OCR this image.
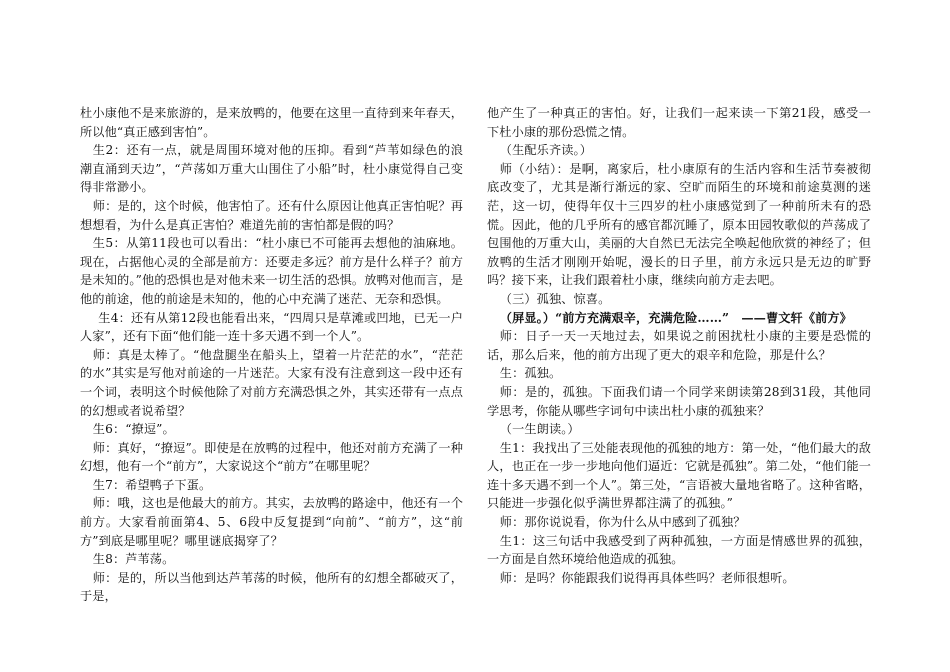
杜小康他不是来旅游的，是来放鸭的，他要在这里一直待到来年春天，所以他“真正感到害怕”。

生2：还有一点，就是周围环境对他的压抑。看到“芦苇如绿色的浪潮直涌到天边”，“芦荡如万重大山围住了小船”时，杜小康觉得自己变得非常渺小。

师：是的，这个时候，他害怕了。还有什么原因让他真正害怕呢？再想想看，为什么是真正害怕？难道先前的害怕都是假的吗？

生5：从第11段也可以看出：“杜小康已不可能再去想他的油麻地。现在，占据他心灵的全部是前方：还要走多远？前方是什么样子？前方是未知的。”他的恐惧也是对他未来一切生活的恐惧。放鸭对他而言，是他的前途，他的前途是未知的，他的心中充满了迷茫、无奈和恐惧。

生4：还有从第12段也能看出来，“四周只是草滩或凹地，已无一户人家”，还有下面“他们能一连十多天遇不到一个人”。

师：真是太棒了。“他盘腿坐在船头上，望着一片茫茫的水”，“茫茫的水”其实是写他对前途的一片迷茫。大家有没有注意到这一段中还有一个词，表明这个时候他除了对前方充满恐惧之外，其实还带有一点点的幻想或者说希望？

生6：“撩逗”。

师：真好，“撩逗”。即使是在放鸭的过程中，他还对前方充满了一种幻想，他有一个“前方”，大家说这个“前方”在哪里呢？

生7：希望鸭子下蛋。

师：哦，这也是他最大的前方。其实，去放鸭的路途中，他还有一个前方。大家看前面第4、5、6段中反复提到“向前”、“前方”，这“前方”到底是哪里呢？哪里谜底揭穿了？

生8：芦苇荡。

师：是的，所以当他到达芦苇荡的时候，他所有的幻想全都破灭了，于是，

他产生了一种真正的害怕。好，让我们一起来读一下第21段，感受一下杜小康的那份恐慌之情。

（生配乐齐读。）

师（小结）：是啊，离家后，杜小康原有的生活内容和生活节奏被彻底改变了，尤其是渐行渐远的家、空旷而陌生的环境和前途莫测的迷茫，这一切，使得年仅十三四岁的杜小康感觉到了一种前所未有的恐慌。因此，他的几乎所有的感官都沉睡了，原本田园牧歌似的芦荡成了包围他的万重大山，美丽的大自然已无法完全唤起他欣赏的神经了；但放鸭的生活才刚刚开始呢，漫长的日子里，前方永远只是无边的旷野吗？接下来，让我们跟着杜小康，继续向前方走去吧。

（三）孤独、惊喜。

（屏显。）“前方充满艰辛，充满危险……”　——曹文轩《前方》

师：日子一天一天地过去，如果说之前困扰杜小康的主要是恐慌的话，那么后来，他的前方出现了更大的艰辛和危险，那是什么？

生：孤独。

师：是的，孤独。下面我们请一个同学来朗读第28到31段，其他同学思考，你能从哪些字词句中读出杜小康的孤独来？

（一生朗读。）

生1：我找出了三处能表现他的孤独的地方：第一处，“他们最大的敌人，也正在一步一步地向他们逼近：它就是孤独”。第二处，“他们能一连十多天遇不到一个人”。第三处，“言语被大量地省略了。这种省略，只能进一步强化似乎满世界都注满了的孤独。”

师：那你说说看，你为什么从中感到了孤独？

生1：这三句话中我感受到了两种孤独，一方面是情感世界的孤独，一方面是自然环境给他造成的孤独。

师：是吗？你能跟我们说得再具体些吗？老师很想听。
